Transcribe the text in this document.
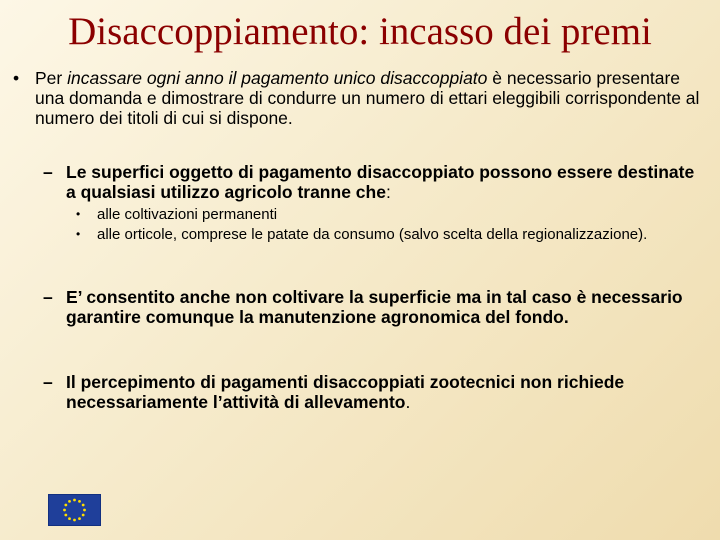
Disaccoppiamento: incasso dei premi
• Per incassare ogni anno il pagamento unico disaccoppiato è necessario presentare una domanda e dimostrare di condurre un numero di ettari eleggibili corrispondente al numero dei titoli di cui si dispone.
– Le superfici oggetto di pagamento disaccoppiato possono essere destinate a qualsiasi utilizzo agricolo tranne che:
• alle coltivazioni permanenti
• alle orticole, comprese le patate da consumo (salvo scelta della regionalizzazione).
– E’ consentito anche non coltivare la superficie ma in tal caso è necessario garantire comunque la manutenzione agronomica del fondo.
– Il percepimento di pagamenti disaccoppiati zootecnici non richiede necessariamente l’attività di allevamento.
